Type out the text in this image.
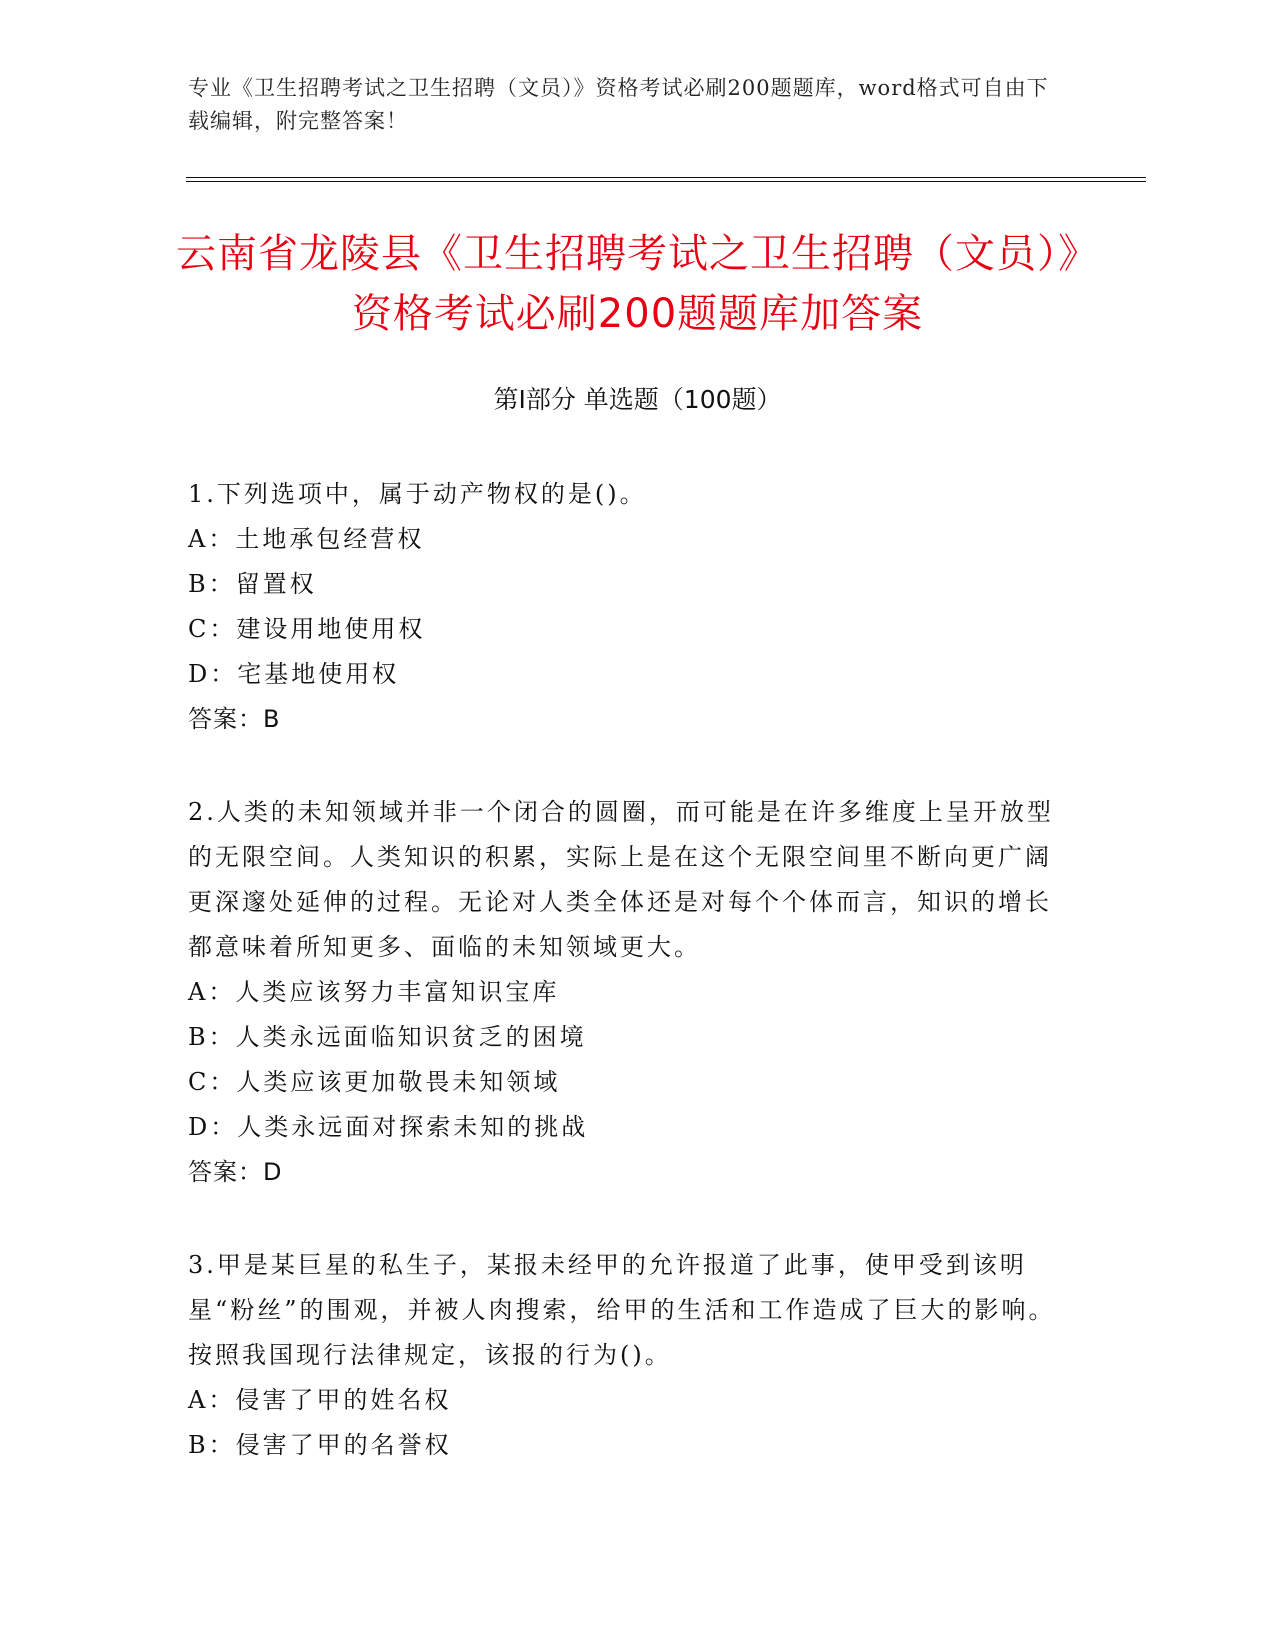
专业《卫生招聘考试之卫生招聘（文员）》资格考试必刷200题题库，word格式可自由下载编辑，附完整答案！
云南省龙陵县《卫生招聘考试之卫生招聘（文员）》资格考试必刷200题题库加答案
第I部分 单选题（100题）
1.下列选项中，属于动产物权的是()。
A：土地承包经营权
B：留置权
C：建设用地使用权
D：宅基地使用权
答案：B
2.人类的未知领域并非一个闭合的圆圈，而可能是在许多维度上呈开放型的无限空间。人类知识的积累，实际上是在这个无限空间里不断向更广阔更深邃处延伸的过程。无论对人类全体还是对每个个体而言，知识的增长都意味着所知更多、面临的未知领域更大。
A：人类应该努力丰富知识宝库
B：人类永远面临知识贫乏的困境
C：人类应该更加敬畏未知领域
D：人类永远面对探索未知的挑战
答案：D
3.甲是某巨星的私生子，某报未经甲的允许报道了此事，使甲受到该明星“粉丝”的围观，并被人肉搜索，给甲的生活和工作造成了巨大的影响。按照我国现行法律规定，该报的行为()。
A：侵害了甲的姓名权
B：侵害了甲的名誉权
